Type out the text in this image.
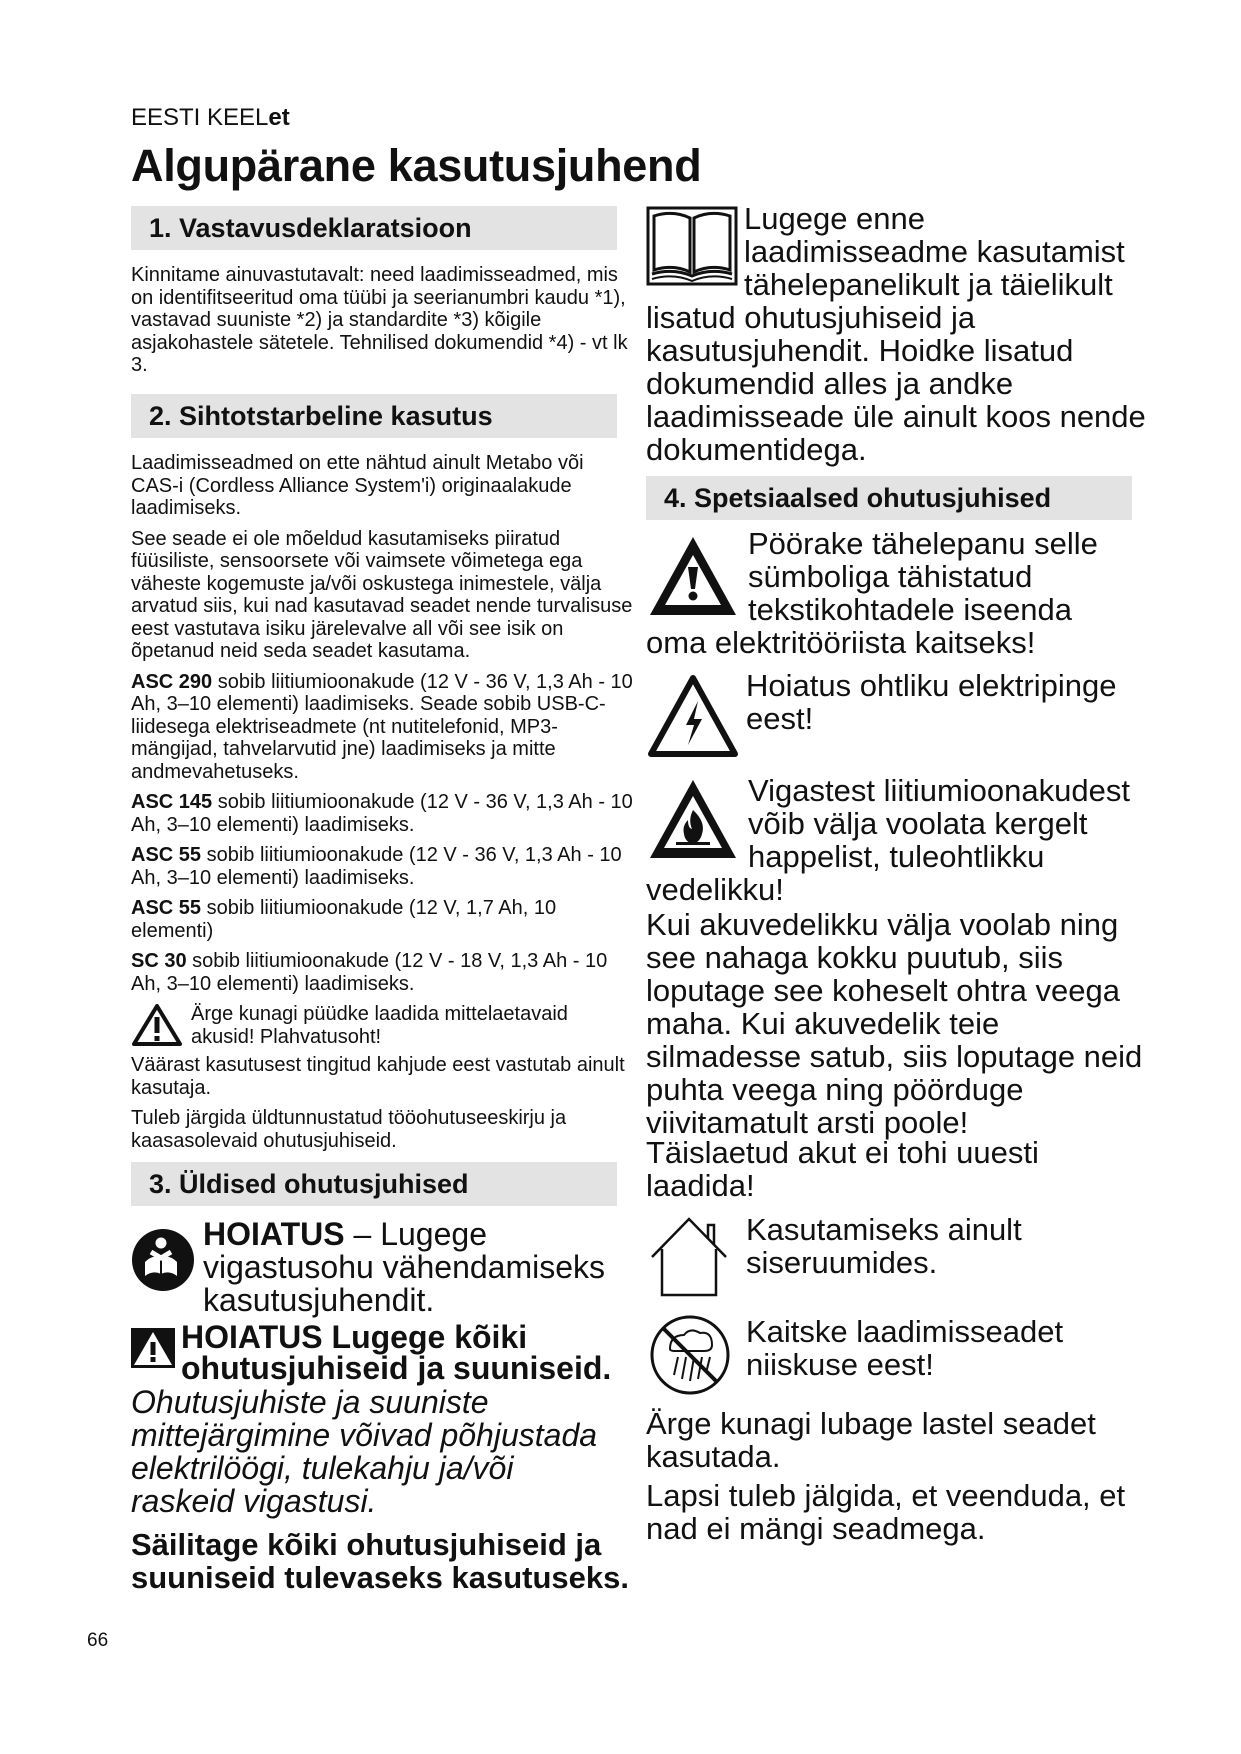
EESTI KEELet
Algupärane kasutusjuhend
1. Vastavusdeklaratsioon

Kinnitame ainuvastutavalt: need laadimisseadmed, mis on identifitseeritud oma tüübi ja seerianumbri kaudu *1), vastavad suuniste *2) ja standardite *3) kõigile asjakohastele sätetele. Tehnilised dokumendid *4) - vt lk 3.

2. Sihtotstarbeline kasutus

Laadimisseadmed on ette nähtud ainult Metabo või CAS-i (Cordless Alliance System'i) originaalakude laadimiseks.

See seade ei ole mõeldud kasutamiseks piiratud füüsiliste, sensoorsete või vaimsete võimetega ega väheste kogemuste ja/või oskustega inimestele, välja arvatud siis, kui nad kasutavad seadet nende turvalisuse eest vastutava isiku järelevalve all või see isik on õpetanud neid seda seadet kasutama.

ASC 290 sobib liitiumioonakude (12 V - 36 V, 1,3 Ah - 10 Ah, 3–10 elementi) laadimiseks. Seade sobib USB-C-liidesega elektriseadmete (nt nutitelefonid, MP3-mängijad, tahvelarvutid jne) laadimiseks ja mitte andmevahetuseks.

ASC 145 sobib liitiumioonakude (12 V - 36 V, 1,3 Ah - 10 Ah, 3–10 elementi) laadimiseks.

ASC 55 sobib liitiumioonakude (12 V - 36 V, 1,3 Ah - 10 Ah, 3–10 elementi) laadimiseks.

ASC 55 sobib liitiumioonakude (12 V, 1,7 Ah, 10 elementi)

SC 30 sobib liitiumioonakude (12 V - 18 V, 1,3 Ah - 10 Ah, 3–10 elementi) laadimiseks.

Ärge kunagi püüdke laadida mittelaetavaid akusid! Plahvatusoht!

Väärast kasutusest tingitud kahjude eest vastutab ainult kasutaja.

Tuleb järgida üldtunnustatud tööohutuseeskirju ja kaasasolevaid ohutusjuhiseid.

3. Üldised ohutusjuhised
HOIATUS – Lugege vigastusohu vähendamiseks kasutusjuhendit.
HOIATUS Lugege kõiki
ohutusjuhiseid ja suuniseid.
Ohutusjuhiste ja suuniste mittejärgimine võivad põhjustada elektrilöögi, tulekahju ja/või raskeid vigastusi.
Säilitage kõiki ohutusjuhiseid ja suuniseid tulevaseks kasutuseks.
Lugege enne laadimisseadme kasutamist tähelepanelikult ja täielikult lisatud ohutusjuhiseid ja kasutusjuhendit. Hoidke lisatud dokumendid alles ja andke laadimisseade üle ainult koos nende dokumentidega.
4. Spetsiaalsed ohutusjuhised
Pöörake tähelepanu selle sümboliga tähistatud tekstikohtadele iseenda oma elektritööriista kaitseks!
Hoiatus ohtliku elektripinge eest!
Vigastest liitiumioonakudest võib välja voolata kergelt happelist, tuleohtlikku vedelikku!
Kui akuvedelikku välja voolab ning see nahaga kokku puutub, siis loputage see koheselt ohtra veega maha. Kui akuvedelik teie silmadesse satub, siis loputage neid puhta veega ning pöörduge viivitamatult arsti poole!
Täislaetud akut ei tohi uuesti laadida!
Kasutamiseks ainult siseruumides.
Kaitske laadimisseadet niiskuse eest!
Ärge kunagi lubage lastel seadet kasutada.
Lapsi tuleb jälgida, et veenduda, et nad ei mängi seadmega.
66
